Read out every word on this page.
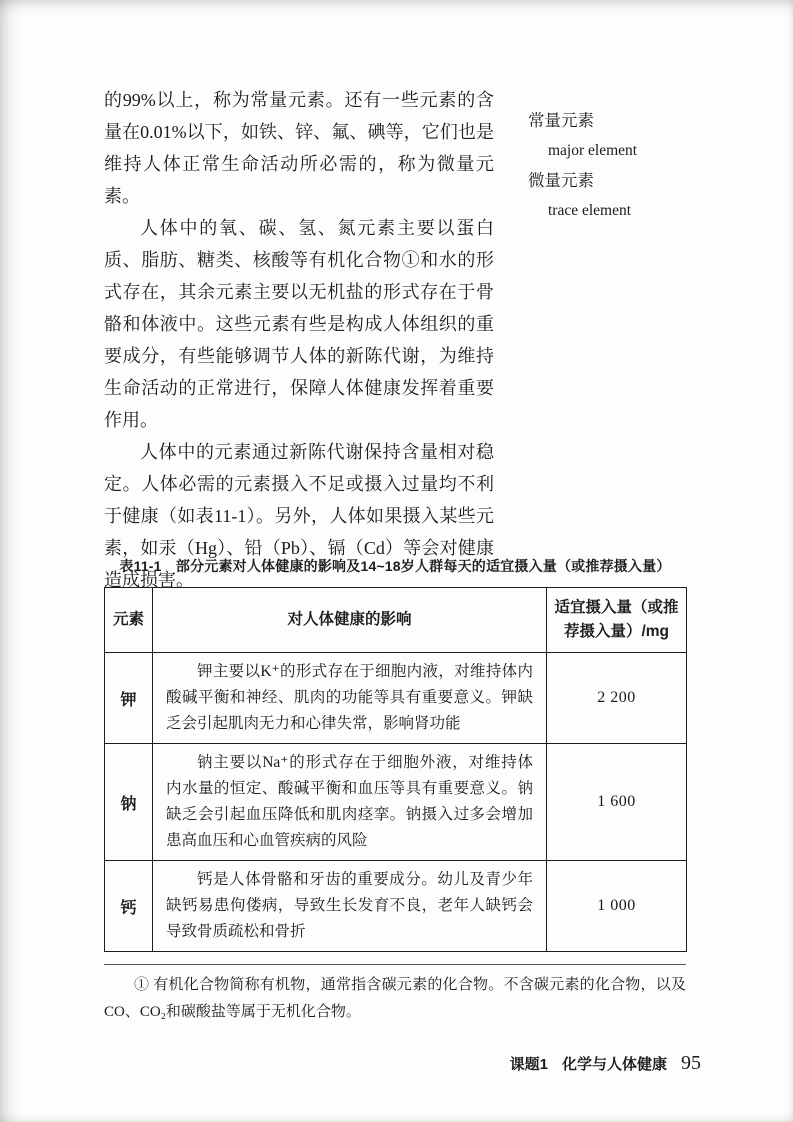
的99%以上，称为常量元素。还有一些元素的含量在0.01%以下，如铁、锌、氟、碘等，它们也是维持人体正常生命活动所必需的，称为微量元素。

人体中的氧、碳、氢、氮元素主要以蛋白质、脂肪、糖类、核酸等有机化合物①和水的形式存在，其余元素主要以无机盐的形式存在于骨骼和体液中。这些元素有些是构成人体组织的重要成分，有些能够调节人体的新陈代谢，为维持生命活动的正常进行，保障人体健康发挥着重要作用。

人体中的元素通过新陈代谢保持含量相对稳定。人体必需的元素摄入不足或摄入过量均不利于健康（如表11-1）。另外，人体如果摄入某些元素，如汞（Hg）、铅（Pb）、镉（Cd）等会对健康造成损害。

常量元素
major element
微量元素
trace element
表11-1　部分元素对人体健康的影响及14~18岁人群每天的适宜摄入量（或推荐摄入量）
元素	对人体健康的影响	适宜摄入量（或推荐摄入量）/mg
钾	钾主要以K⁺的形式存在于细胞内液，对维持体内酸碱平衡和神经、肌肉的功能等具有重要意义。钾缺乏会引起肌肉无力和心律失常，影响肾功能	2 200
钠	钠主要以Na⁺的形式存在于细胞外液，对维持体内水量的恒定、酸碱平衡和血压等具有重要意义。钠缺乏会引起血压降低和肌肉痉挛。钠摄入过多会增加患高血压和心血管疾病的风险	1 600
钙	钙是人体骨骼和牙齿的重要成分。幼儿及青少年缺钙易患佝偻病，导致生长发育不良，老年人缺钙会导致骨质疏松和骨折	1 000

① 有机化合物简称有机物，通常指含碳元素的化合物。不含碳元素的化合物，以及CO、CO₂和碳酸盐等属于无机化合物。

课题1 化学与人体健康 95
